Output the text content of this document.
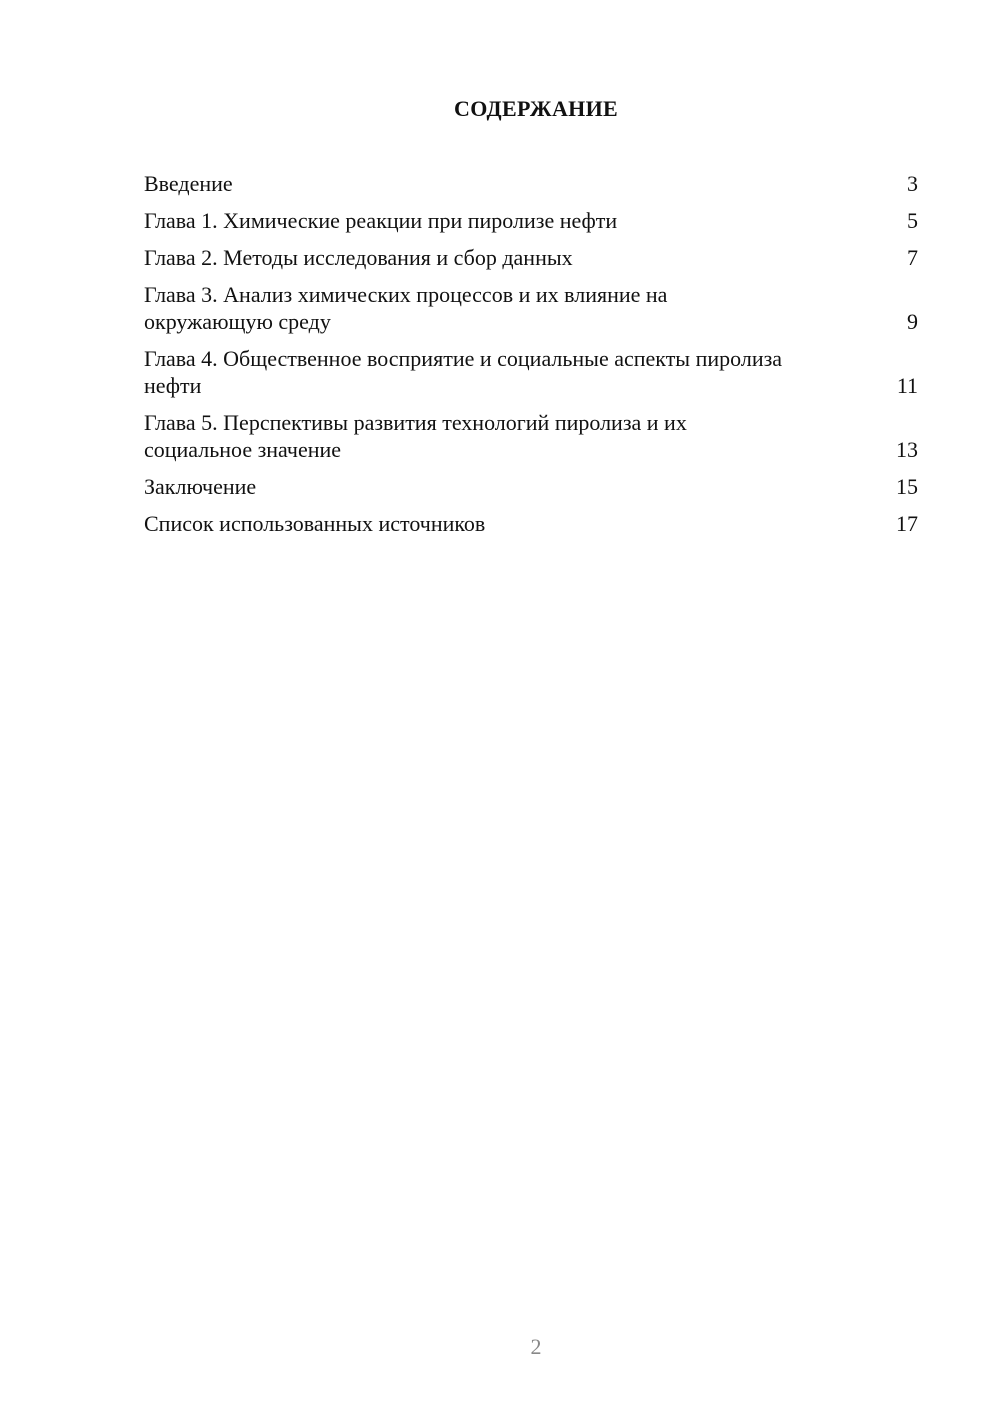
СОДЕРЖАНИЕ
Введение	3
Глава 1. Химические реакции при пиролизе нефти	5
Глава 2. Методы исследования и сбор данных	7
Глава 3. Анализ химических процессов и их влияние на окружающую среду	9
Глава 4. Общественное восприятие и социальные аспекты пиролиза нефти	11
Глава 5. Перспективы развития технологий пиролиза и их социальное значение	13
Заключение	15
Список использованных источников	17
2
